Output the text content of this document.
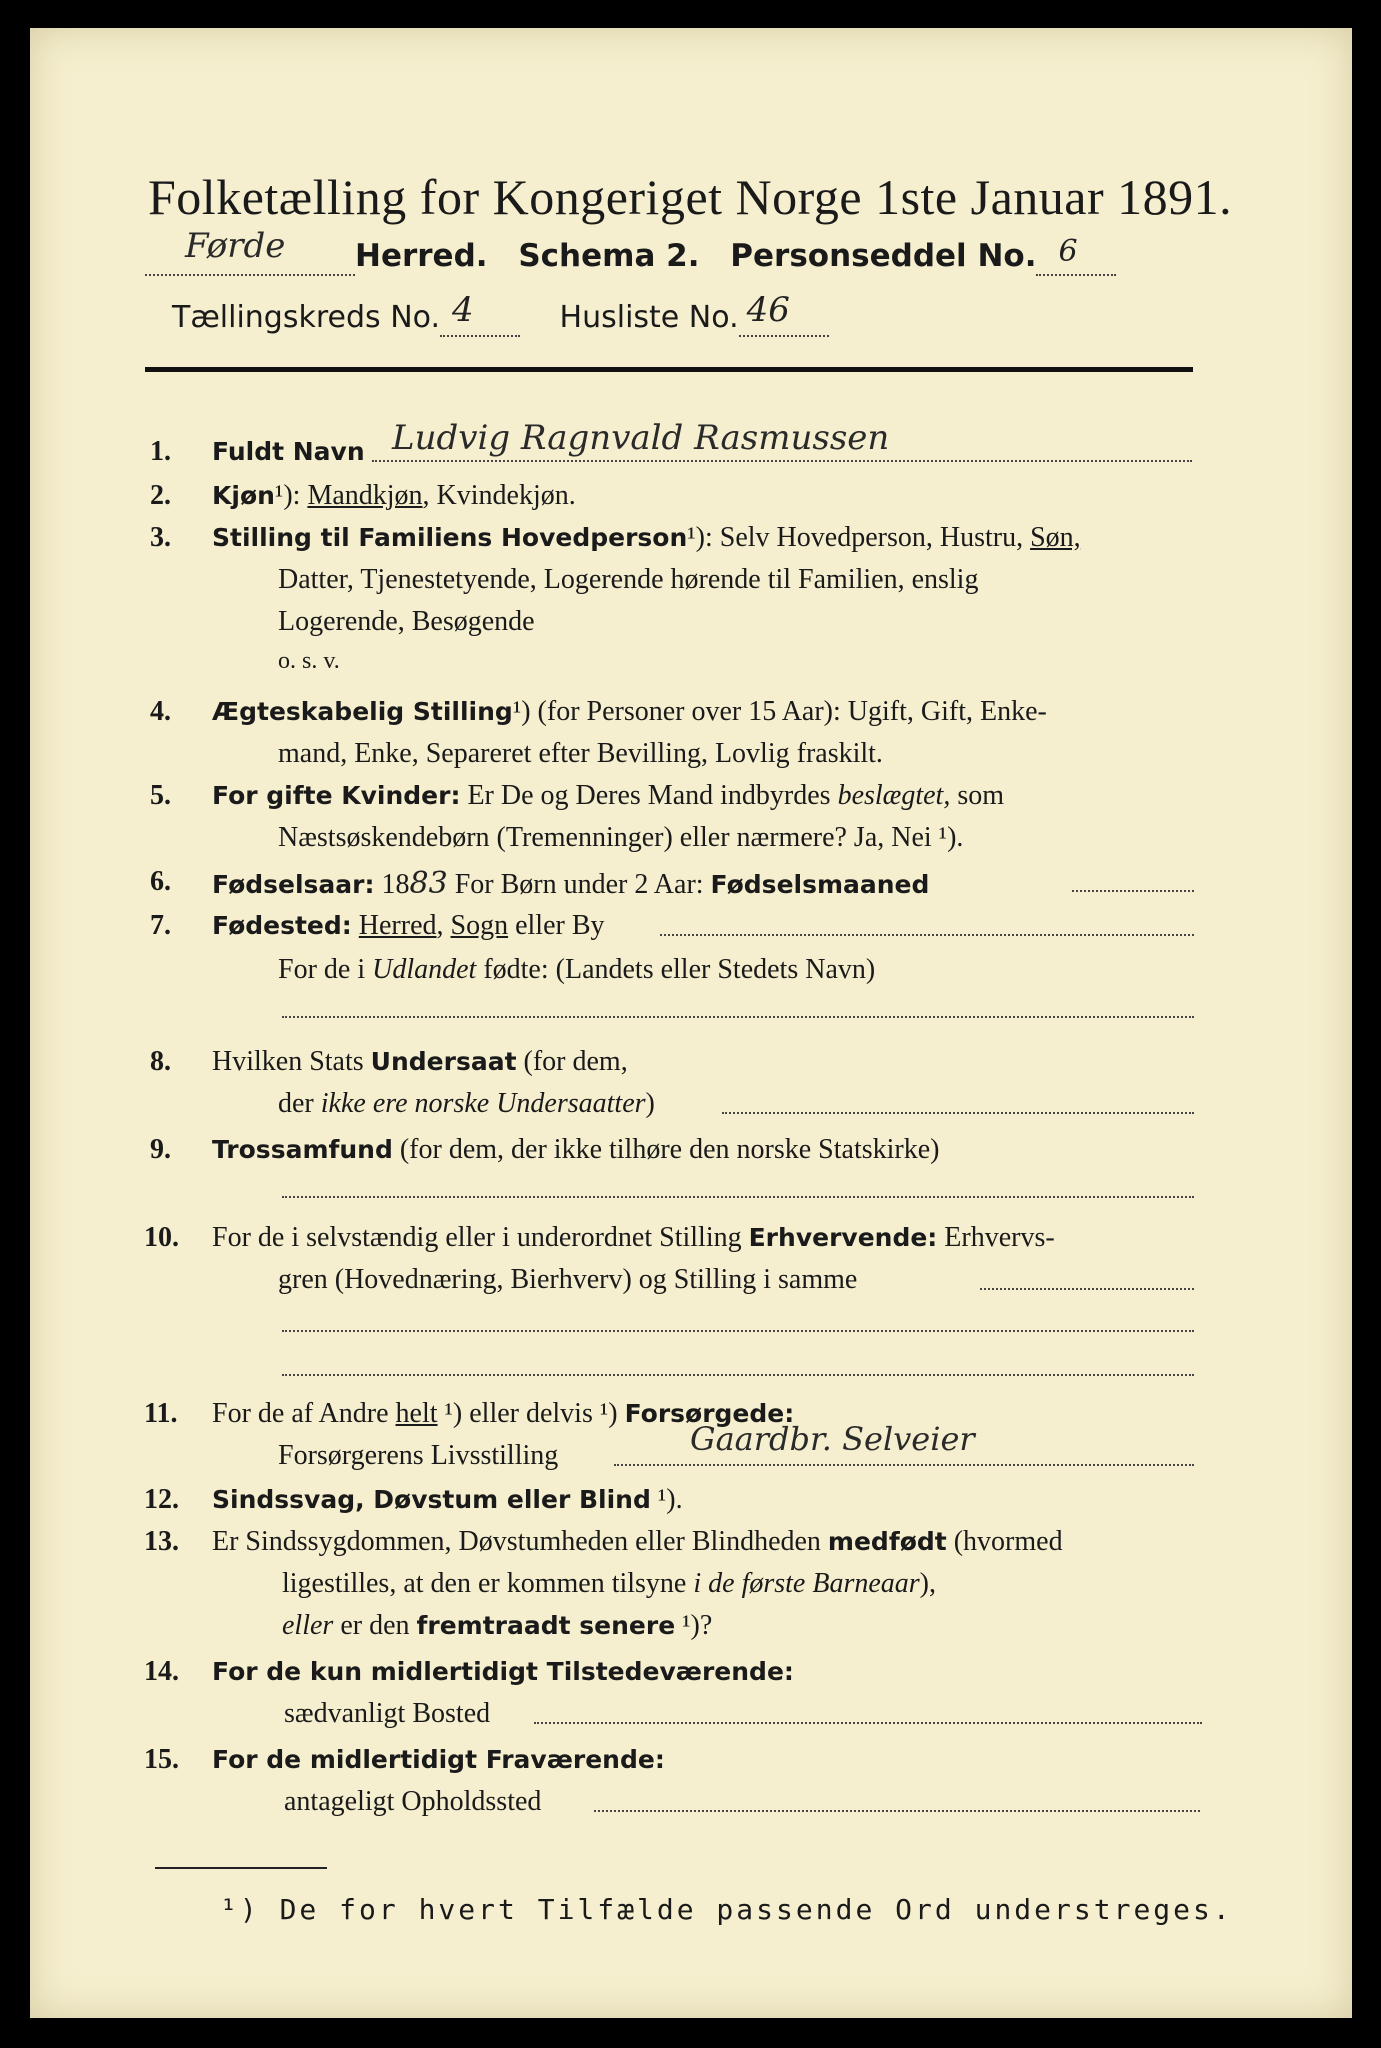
Folketælling for Kongeriget Norge 1ste Januar 1891.
Førde Herred. Schema 2. Personseddel No. 6

Tællingskreds No. 4	Husliste No. 46

1. Fuldt Navn Ludvig Ragnvald Rasmussen
2. Kjøn¹): Mandkjøn, Kvindekjøn.
3. Stilling til Familiens Hovedperson¹): Selv Hovedperson, Hustru, Søn,
Datter, Tjenestetyende, Logerende hørende til Familien, enslig
Logerende, Besøgende
o. s. v.
4. Ægteskabelig Stilling¹) (for Personer over 15 Aar): Ugift, Gift, Enke-
mand, Enke, Separeret efter Bevilling, Lovlig fraskilt.
5. For gifte Kvinder: Er De og Deres Mand indbyrdes beslægtet, som
Næstsøskendebørn (Tremenninger) eller nærmere? Ja, Nei ¹).
6. Fødselsaar: 1883 For Børn under 2 Aar: Fødselsmaaned
7. Fødested: Herred, Sogn eller By
For de i Udlandet fødte: (Landets eller Stedets Navn)
8. Hvilken Stats Undersaat (for dem,
der ikke ere norske Undersaatter)
9. Trossamfund (for dem, der ikke tilhøre den norske Statskirke)
10. For de i selvstændig eller i underordnet Stilling Erhvervende: Erhvervs-
gren (Hovednæring, Bierhverv) og Stilling i samme
11. For de af Andre helt ¹) eller delvis ¹) Forsørgede:
Forsørgerens Livsstilling	Gaardbr. Selveier
12. Sindssvag, Døvstum eller Blind ¹).
13. Er Sindssygdommen, Døvstumheden eller Blindheden medfødt (hvormed
ligestilles, at den er kommen tilsyne i de første Barneaar),
eller er den fremtraadt senere ¹)?
14. For de kun midlertidigt Tilstedeværende:
sædvanligt Bosted
15. For de midlertidigt Fraværende:
antageligt Opholdssted
¹) De for hvert Tilfælde passende Ord understreges.
